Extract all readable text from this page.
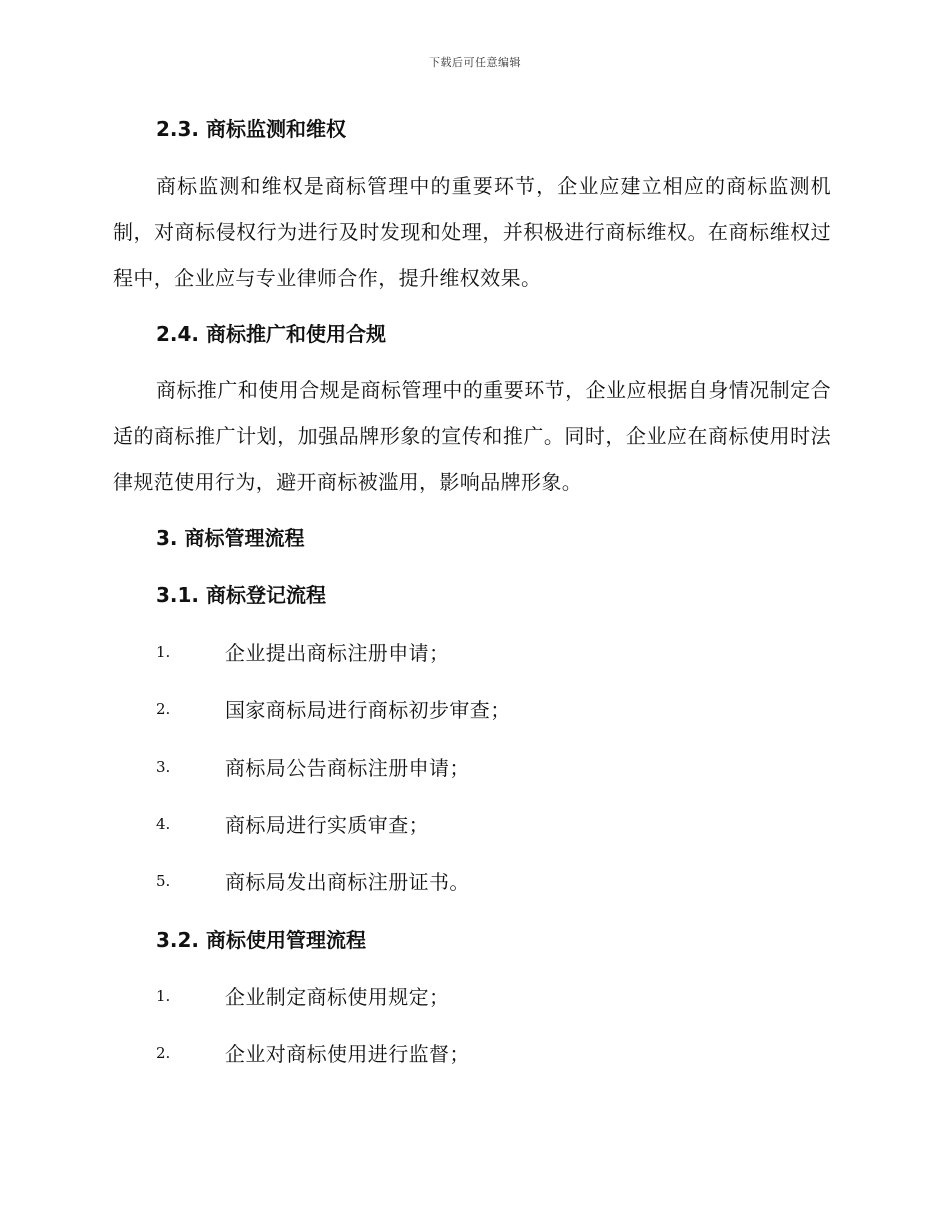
下载后可任意编辑
2.3. 商标监测和维权
商标监测和维权是商标管理中的重要环节，企业应建立相应的商标监测机制，对商标侵权行为进行及时发现和处理，并积极进行商标维权。在商标维权过程中，企业应与专业律师合作，提升维权效果。
2.4. 商标推广和使用合规
商标推广和使用合规是商标管理中的重要环节，企业应根据自身情况制定合适的商标推广计划，加强品牌形象的宣传和推广。同时，企业应在商标使用时法律规范使用行为，避开商标被滥用，影响品牌形象。
3. 商标管理流程
3.1. 商标登记流程
1.	企业提出商标注册申请；
2.	国家商标局进行商标初步审查；
3.	商标局公告商标注册申请；
4.	商标局进行实质审查；
5.	商标局发出商标注册证书。
3.2. 商标使用管理流程
1.	企业制定商标使用规定；
2.	企业对商标使用进行监督；
